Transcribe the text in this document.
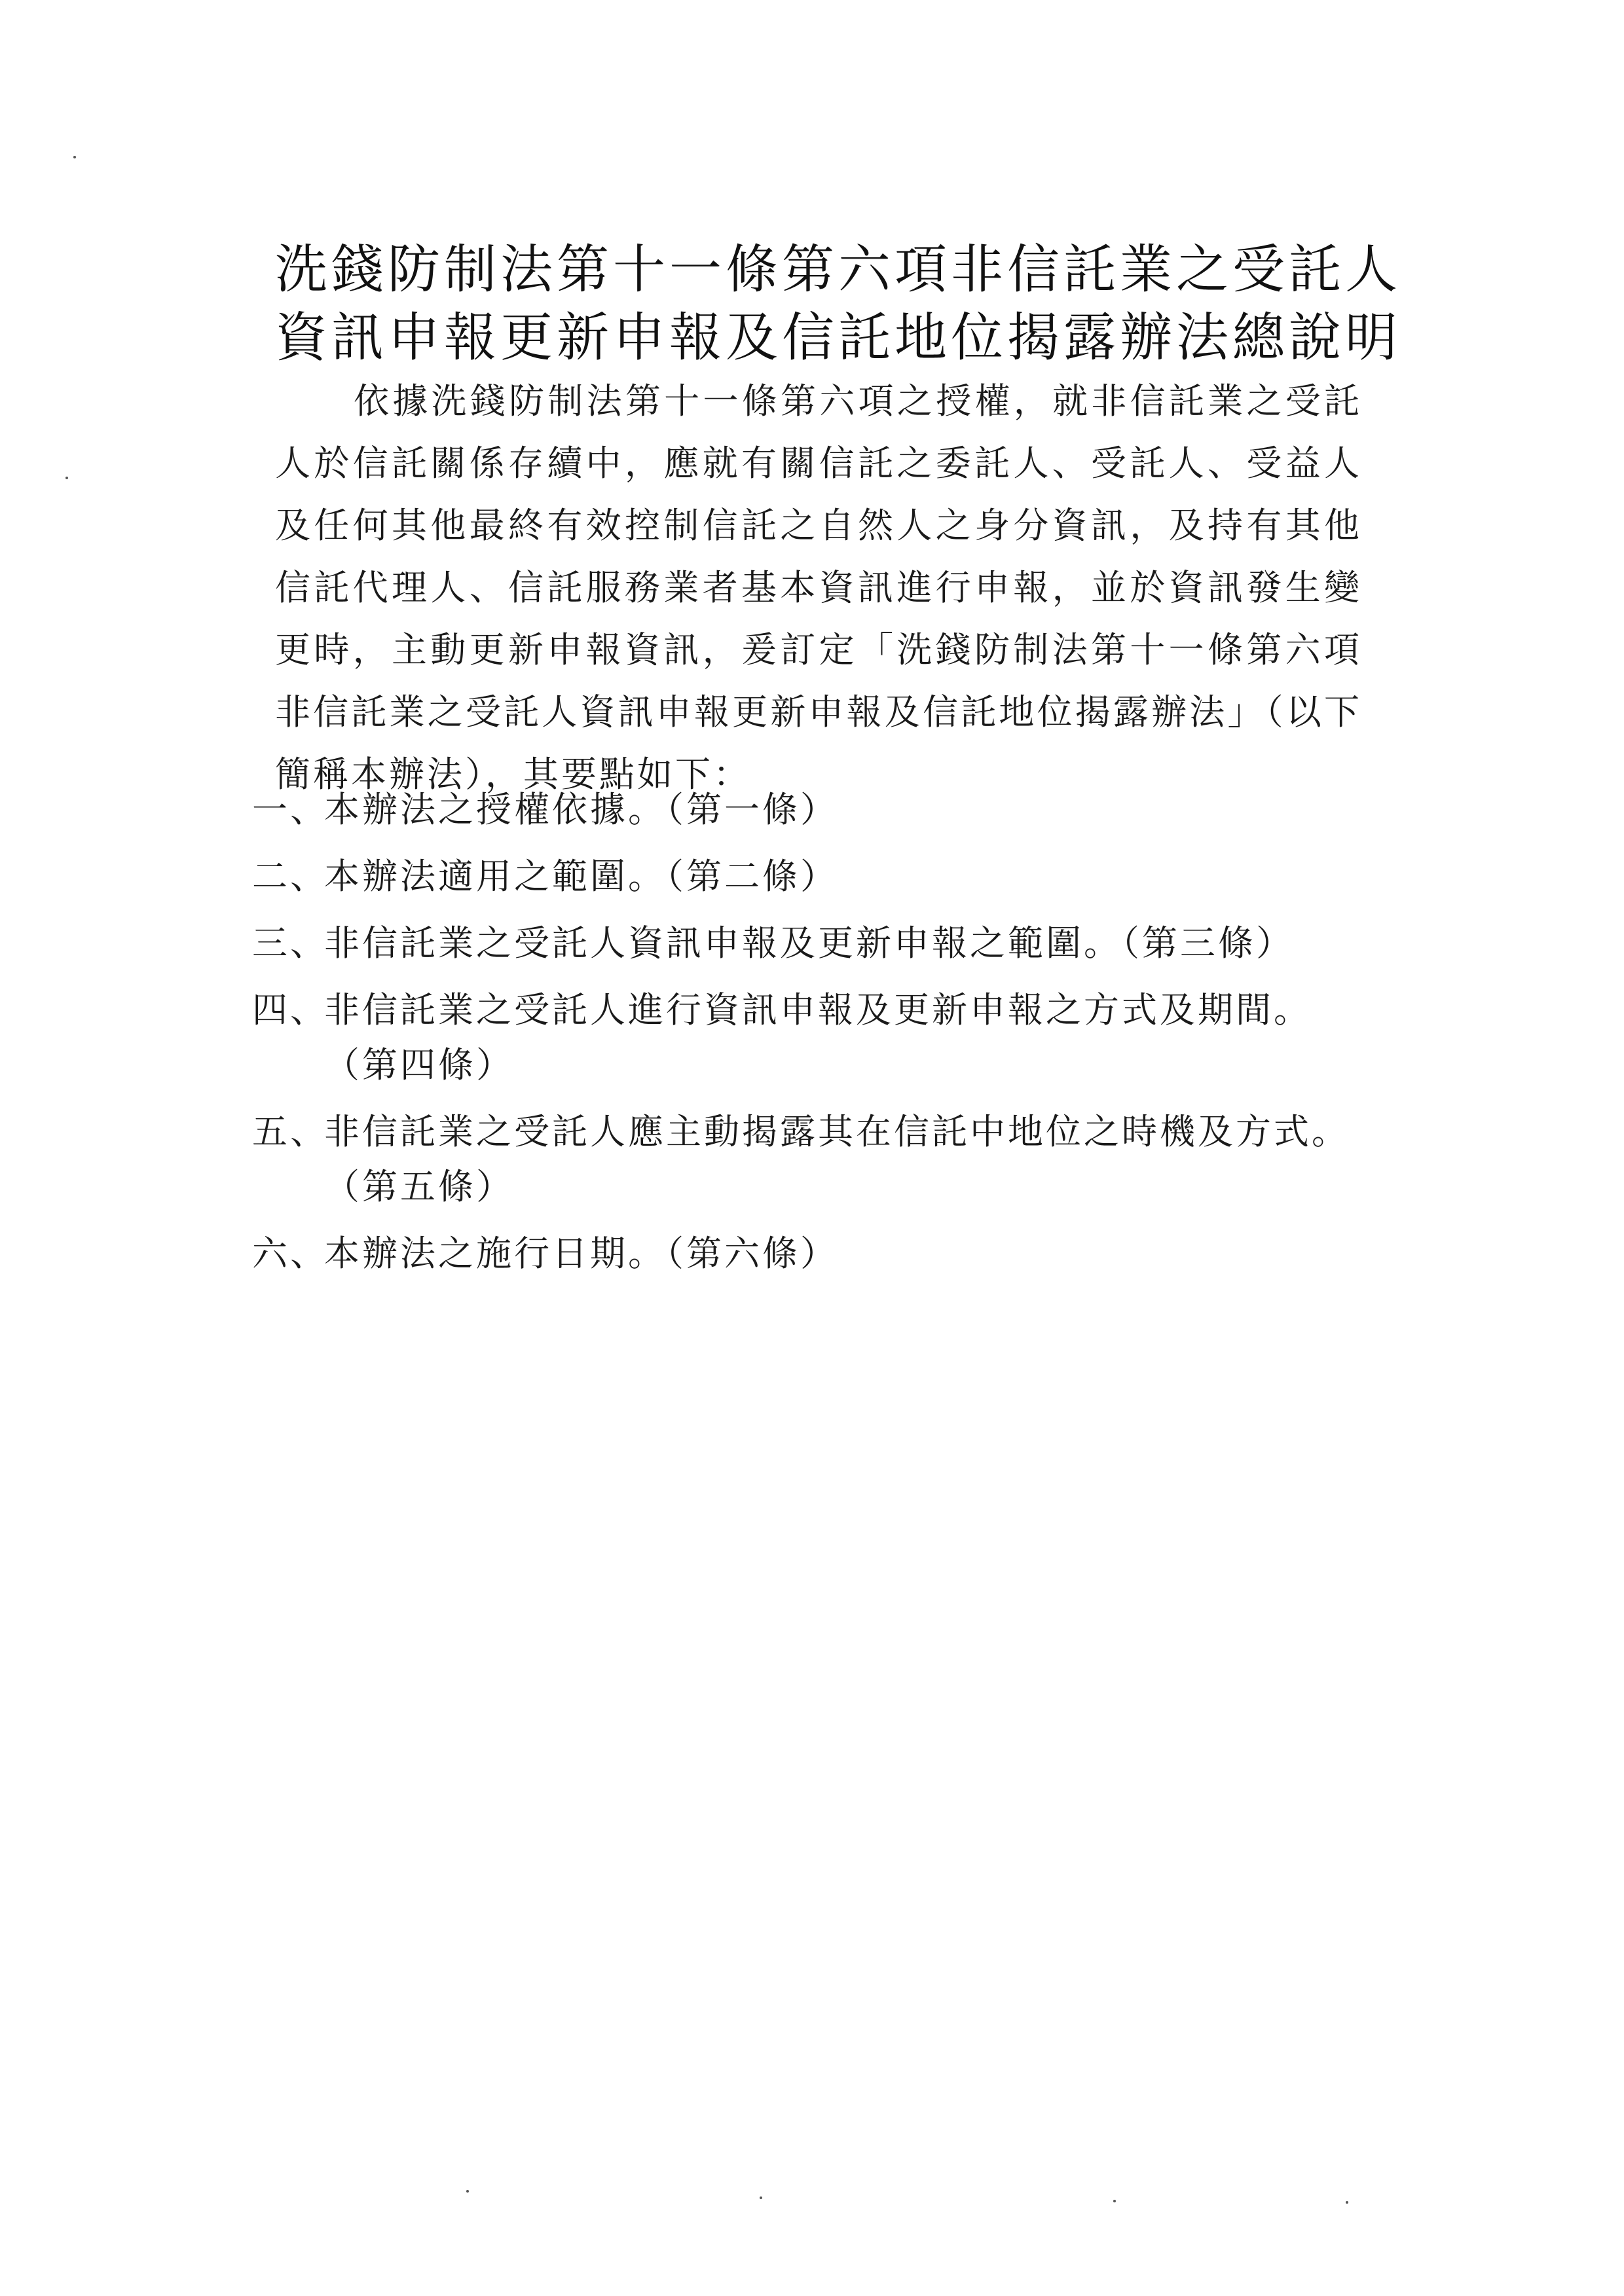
洗錢防制法第十一條第六項非信託業之受託人
資訊申報更新申報及信託地位揭露辦法總說明
依據洗錢防制法第十一條第六項之授權，就非信託業之受託人於信託關係存續中，應就有關信託之委託人、受託人、受益人及任何其他最終有效控制信託之自然人之身分資訊，及持有其他信託代理人、信託服務業者基本資訊進行申報，並於資訊發生變更時，主動更新申報資訊，爰訂定「洗錢防制法第十一條第六項非信託業之受託人資訊申報更新申報及信託地位揭露辦法」（以下簡稱本辦法），其要點如下：
一、
本辦法之授權依據。（第一條）
二、
本辦法適用之範圍。（第二條）
三、
非信託業之受託人資訊申報及更新申報之範圍。（第三條）
四、
非信託業之受託人進行資訊申報及更新申報之方式及期間。（第四條）
五、
非信託業之受託人應主動揭露其在信託中地位之時機及方式。（第五條）
六、
本辦法之施行日期。（第六條）
